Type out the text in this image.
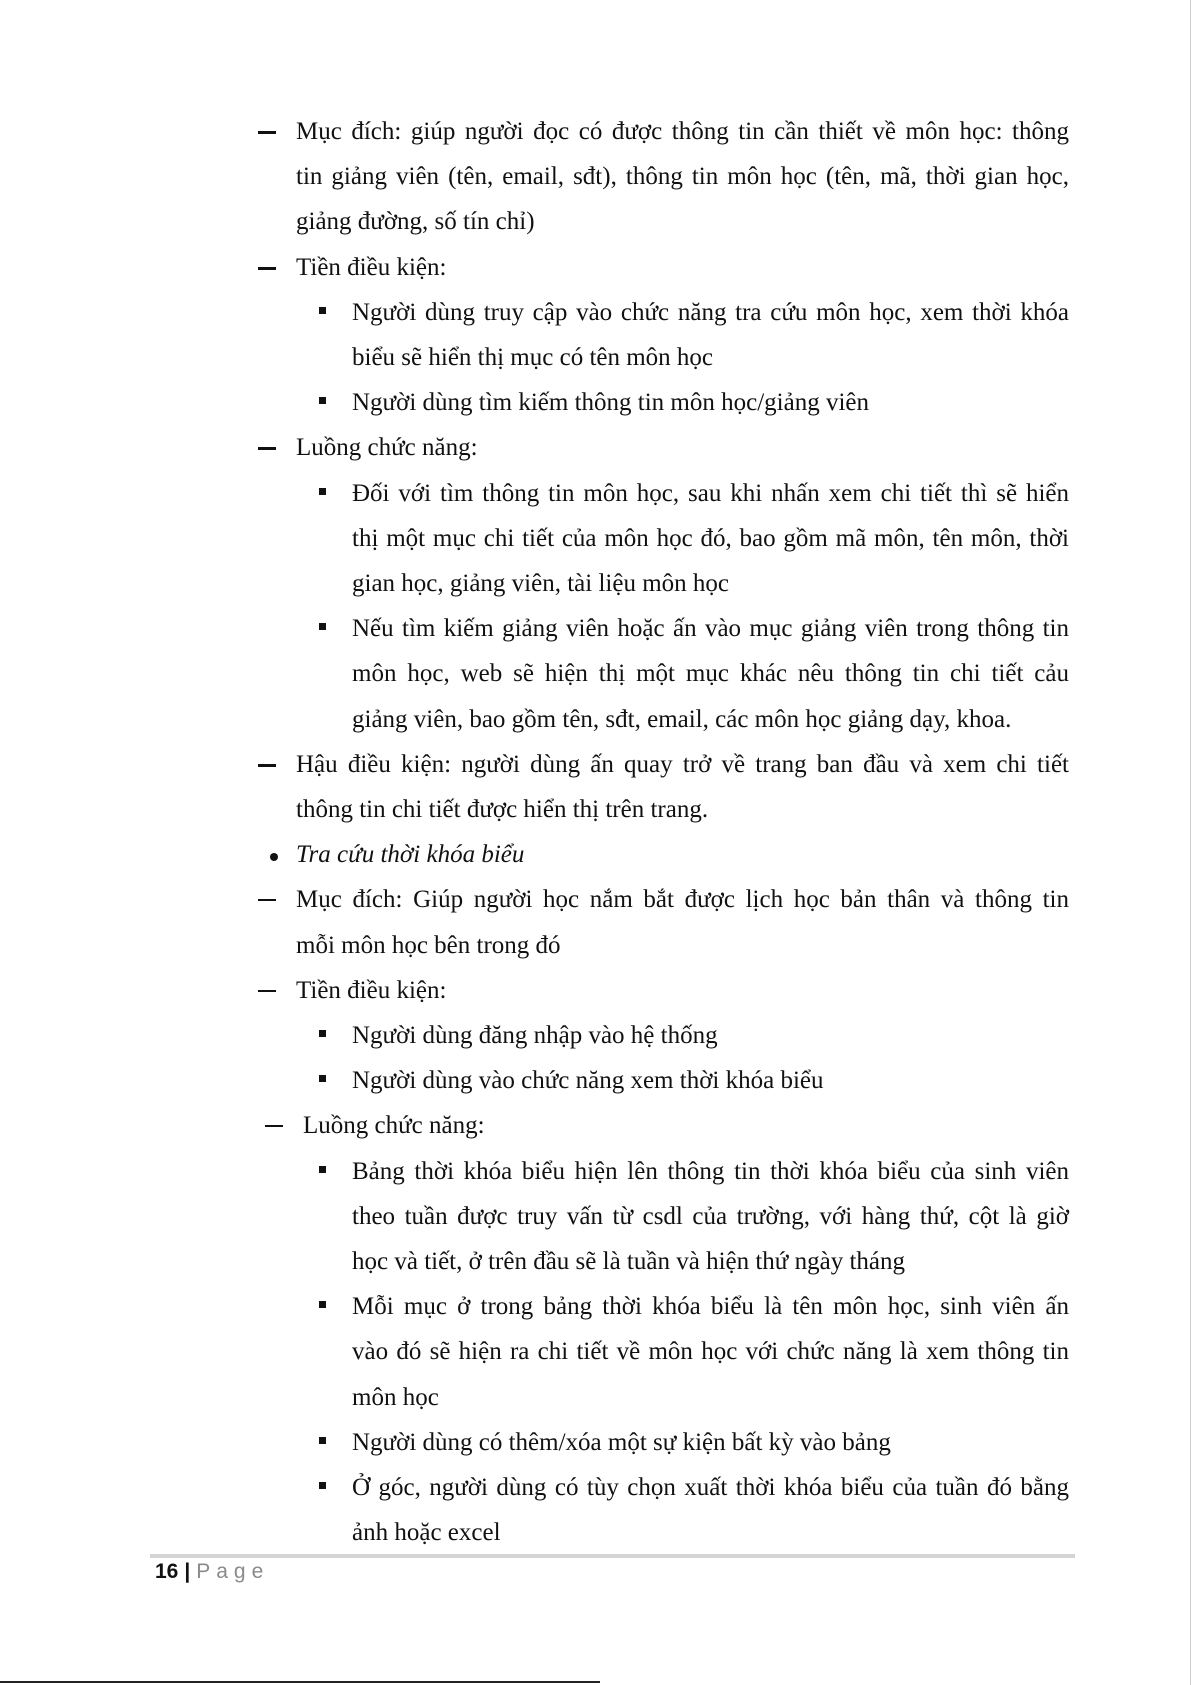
Mục đích: giúp người đọc có được thông tin cần thiết về môn học: thông
tin giảng viên (tên, email, sđt), thông tin môn học (tên, mã, thời gian học,
giảng đường, số tín chỉ)
Tiền điều kiện:
Người dùng truy cập vào chức năng tra cứu môn học, xem thời khóa
biểu sẽ hiển thị mục có tên môn học
Người dùng tìm kiếm thông tin môn học/giảng viên
Luồng chức năng:
Đối với tìm thông tin môn học, sau khi nhấn xem chi tiết thì sẽ hiển
thị một mục chi tiết của môn học đó, bao gồm mã môn, tên môn, thời
gian học, giảng viên, tài liệu môn học
Nếu tìm kiếm giảng viên hoặc ấn vào mục giảng viên trong thông tin
môn học, web sẽ hiện thị một mục khác nêu thông tin chi tiết cảu
giảng viên, bao gồm tên, sđt, email, các môn học giảng dạy, khoa.
Hậu điều kiện: người dùng ấn quay trở về trang ban đầu và xem chi tiết
thông tin chi tiết được hiển thị trên trang.
Tra cứu thời khóa biểu
Mục đích: Giúp người học nắm bắt được lịch học bản thân và thông tin
mỗi môn học bên trong đó
Tiền điều kiện:
Người dùng đăng nhập vào hệ thống
Người dùng vào chức năng xem thời khóa biểu
Luồng chức năng:
Bảng thời khóa biểu hiện lên thông tin thời khóa biểu của sinh viên
theo tuần được truy vấn từ csdl của trường, với hàng thứ, cột là giờ
học và tiết, ở trên đầu sẽ là tuần và hiện thứ ngày tháng
Mỗi mục ở trong bảng thời khóa biểu là tên môn học, sinh viên ấn
vào đó sẽ hiện ra chi tiết về môn học với chức năng là xem thông tin
môn học
Người dùng có thêm/xóa một sự kiện bất kỳ vào bảng
Ở góc, người dùng có tùy chọn xuất thời khóa biểu của tuần đó bằng
ảnh hoặc excel
16 | Page
